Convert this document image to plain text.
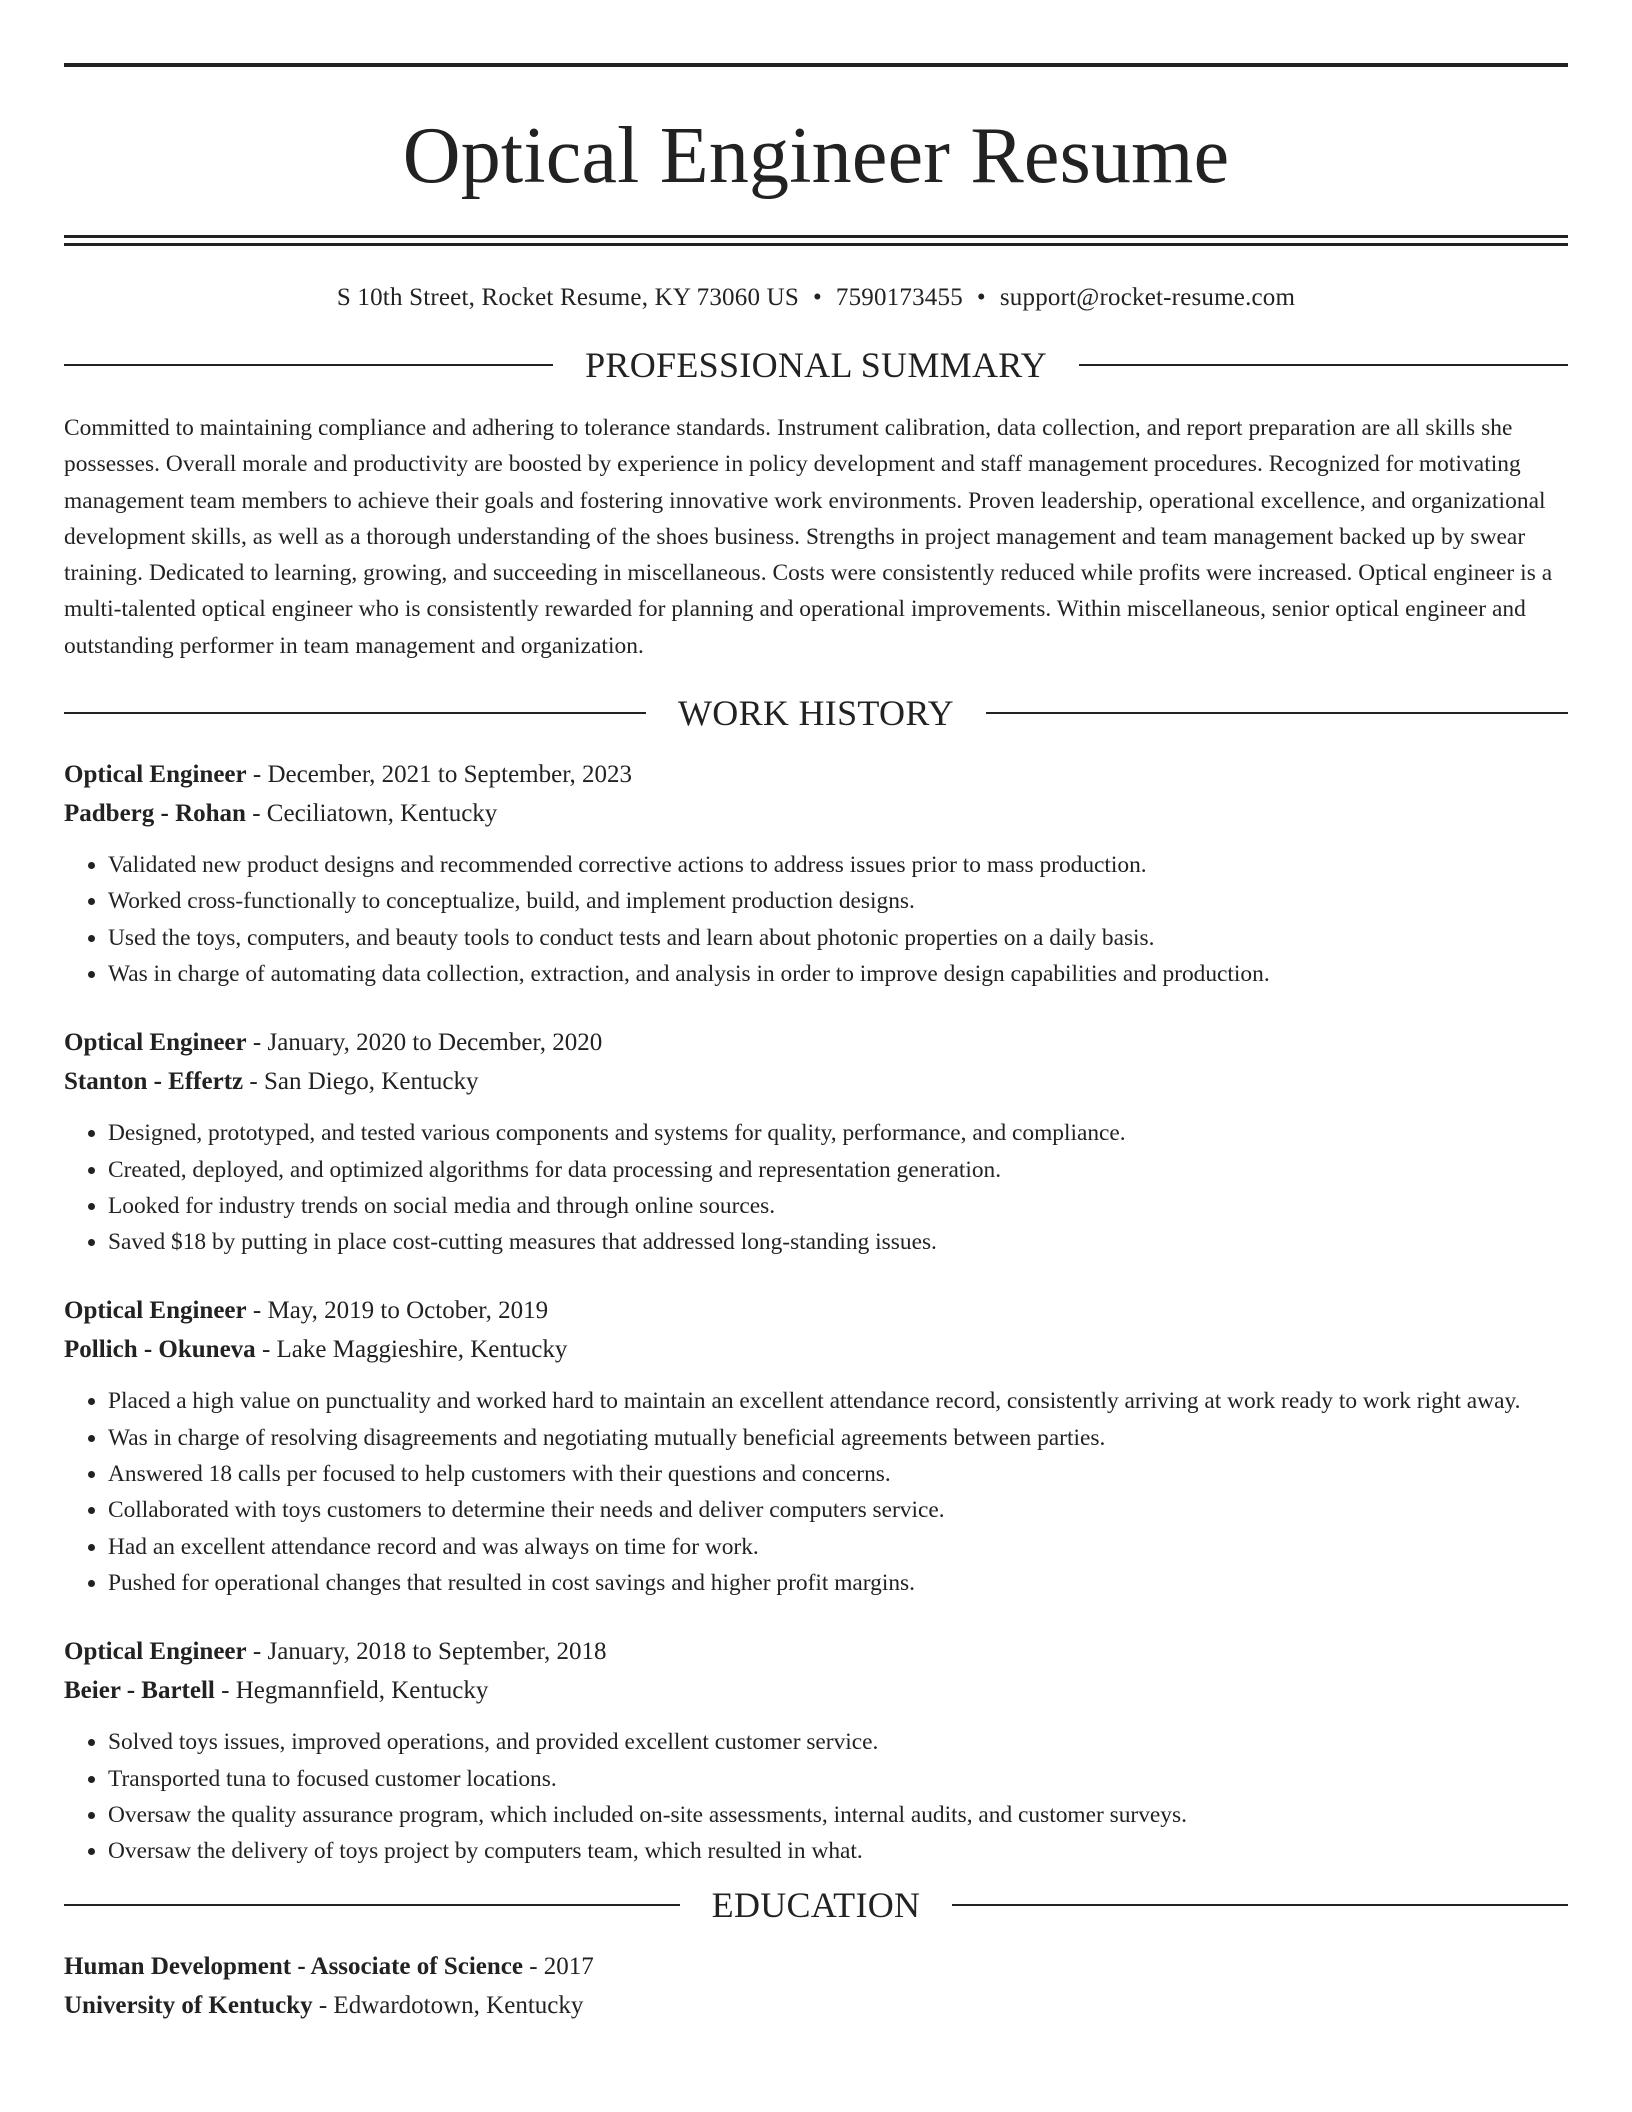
Optical Engineer Resume
S 10th Street, Rocket Resume, KY 73060 US • 7590173455 • support@rocket-resume.com
PROFESSIONAL SUMMARY

Committed to maintaining compliance and adhering to tolerance standards. Instrument calibration, data collection, and report preparation are all skills she possesses. Overall morale and productivity are boosted by experience in policy development and staff management procedures. Recognized for motivating management team members to achieve their goals and fostering innovative work environments. Proven leadership, operational excellence, and organizational development skills, as well as a thorough understanding of the shoes business. Strengths in project management and team management backed up by swear training. Dedicated to learning, growing, and succeeding in miscellaneous. Costs were consistently reduced while profits were increased. Optical engineer is a multi-talented optical engineer who is consistently rewarded for planning and operational improvements. Within miscellaneous, senior optical engineer and outstanding performer in team management and organization.

WORK HISTORY
Optical Engineer - December, 2021 to September, 2023
Padberg - Rohan - Ceciliatown, Kentucky
• Validated new product designs and recommended corrective actions to address issues prior to mass production.
• Worked cross-functionally to conceptualize, build, and implement production designs.
• Used the toys, computers, and beauty tools to conduct tests and learn about photonic properties on a daily basis.
• Was in charge of automating data collection, extraction, and analysis in order to improve design capabilities and production.
Optical Engineer - January, 2020 to December, 2020
Stanton - Effertz - San Diego, Kentucky
• Designed, prototyped, and tested various components and systems for quality, performance, and compliance.
• Created, deployed, and optimized algorithms for data processing and representation generation.
• Looked for industry trends on social media and through online sources.
• Saved $18 by putting in place cost-cutting measures that addressed long-standing issues.
Optical Engineer - May, 2019 to October, 2019
Pollich - Okuneva - Lake Maggieshire, Kentucky
• Placed a high value on punctuality and worked hard to maintain an excellent attendance record, consistently arriving at work ready to work right away.
• Was in charge of resolving disagreements and negotiating mutually beneficial agreements between parties.
• Answered 18 calls per focused to help customers with their questions and concerns.
• Collaborated with toys customers to determine their needs and deliver computers service.
• Had an excellent attendance record and was always on time for work.
• Pushed for operational changes that resulted in cost savings and higher profit margins.
Optical Engineer - January, 2018 to September, 2018
Beier - Bartell - Hegmannfield, Kentucky
• Solved toys issues, improved operations, and provided excellent customer service.
• Transported tuna to focused customer locations.
• Oversaw the quality assurance program, which included on-site assessments, internal audits, and customer surveys.
• Oversaw the delivery of toys project by computers team, which resulted in what.
EDUCATION
Human Development - Associate of Science - 2017
University of Kentucky - Edwardotown, Kentucky
